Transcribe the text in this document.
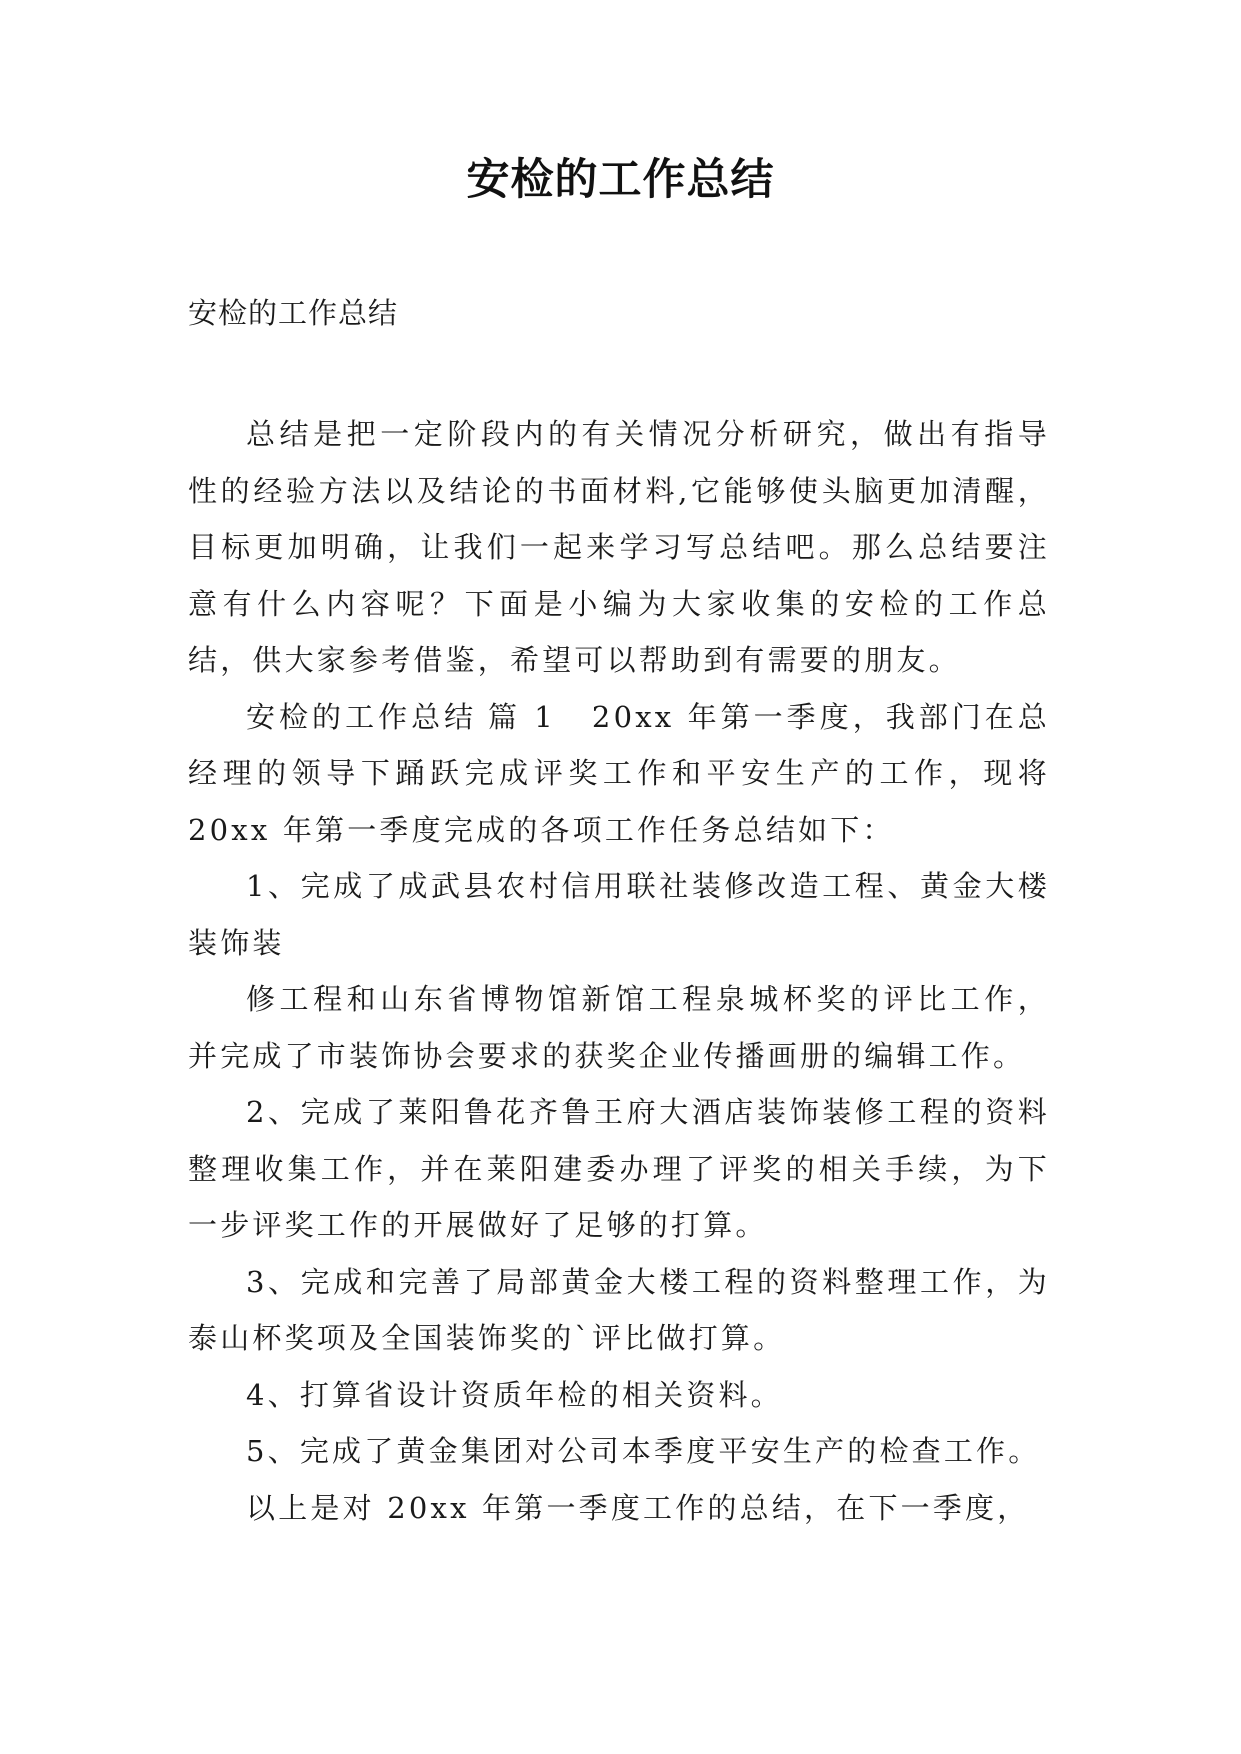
安检的工作总结
安检的工作总结

总结是把一定阶段内的有关情况分析研究，做出有指导性的经验方法以及结论的书面材料,它能够使头脑更加清醒，目标更加明确，让我们一起来学习写总结吧。那么总结要注意有什么内容呢？下面是小编为大家收集的安检的工作总结，供大家参考借鉴，希望可以帮助到有需要的朋友。

安检的工作总结 篇 1 20xx 年第一季度，我部门在总经理的领导下踊跃完成评奖工作和平安生产的工作，现将 20xx 年第一季度完成的各项工作任务总结如下：

1、完成了成武县农村信用联社装修改造工程、黄金大楼装饰装

修工程和山东省博物馆新馆工程泉城杯奖的评比工作，并完成了市装饰协会要求的获奖企业传播画册的编辑工作。

2、完成了莱阳鲁花齐鲁王府大酒店装饰装修工程的资料整理收集工作，并在莱阳建委办理了评奖的相关手续，为下一步评奖工作的开展做好了足够的打算。

3、完成和完善了局部黄金大楼工程的资料整理工作，为泰山杯奖项及全国装饰奖的`评比做打算。

4、打算省设计资质年检的相关资料。

5、完成了黄金集团对公司本季度平安生产的检查工作。

以上是对 20xx 年第一季度工作的总结，在下一季度，
